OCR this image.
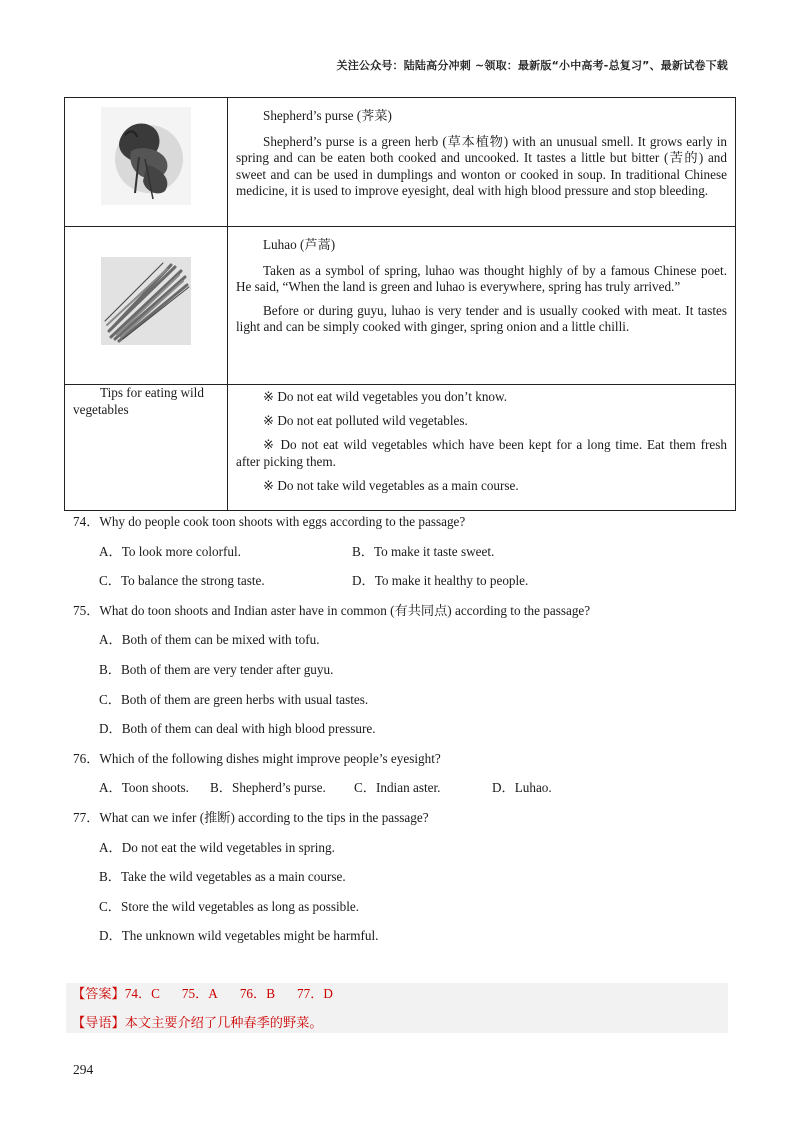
关注公众号：陆陆高分冲刺 ~领取：最新版“小中高考-总复习”、最新试卷下载

Shepherd’s purse (荠菜)

Shepherd’s purse is a green herb (草本植物) with an unusual smell. It grows early in spring and can be eaten both cooked and uncooked. It tastes a little but bitter (苦的) and sweet and can be used in dumplings and wonton or cooked in soup. In traditional Chinese medicine, it is used to improve eyesight, deal with high blood pressure and stop bleeding.

Luhao (芦蒿)

Taken as a symbol of spring, luhao was thought highly of by a famous Chinese poet. He said, “When the land is green and luhao is everywhere, spring has truly arrived.”

Before or during guyu, luhao is very tender and is usually cooked with meat. It tastes light and can be simply cooked with ginger, spring onion and a little chilli.

Tips for eating wild vegetables	※ Do not eat wild vegetables you don’t know.

※ Do not eat polluted wild vegetables.

※ Do not eat wild vegetables which have been kept for a long time. Eat them fresh after picking them.

※ Do not take wild vegetables as a main course.

74．Why do people cook toon shoots with eggs according to the passage?
A．To look more colorful.	B．To make it taste sweet.
C．To balance the strong taste.	D．To make it healthy to people.
75．What do toon shoots and Indian aster have in common (有共同点) according to the passage?
A．Both of them can be mixed with tofu.
B．Both of them are very tender after guyu.
C．Both of them are green herbs with usual tastes.
D．Both of them can deal with high blood pressure.
76．Which of the following dishes might improve people’s eyesight?
A．Toon shoots. B．Shepherd’s purse. C．Indian aster.	D．Luhao.
77．What can we infer (推断) according to the tips in the passage?
A．Do not eat the wild vegetables in spring.
B．Take the wild vegetables as a main course.
C．Store the wild vegetables as long as possible.
D．The unknown wild vegetables might be harmful.
【答案】74．C 75．A 76．B 77．D
【导语】本文主要介绍了几种春季的野菜。
294
